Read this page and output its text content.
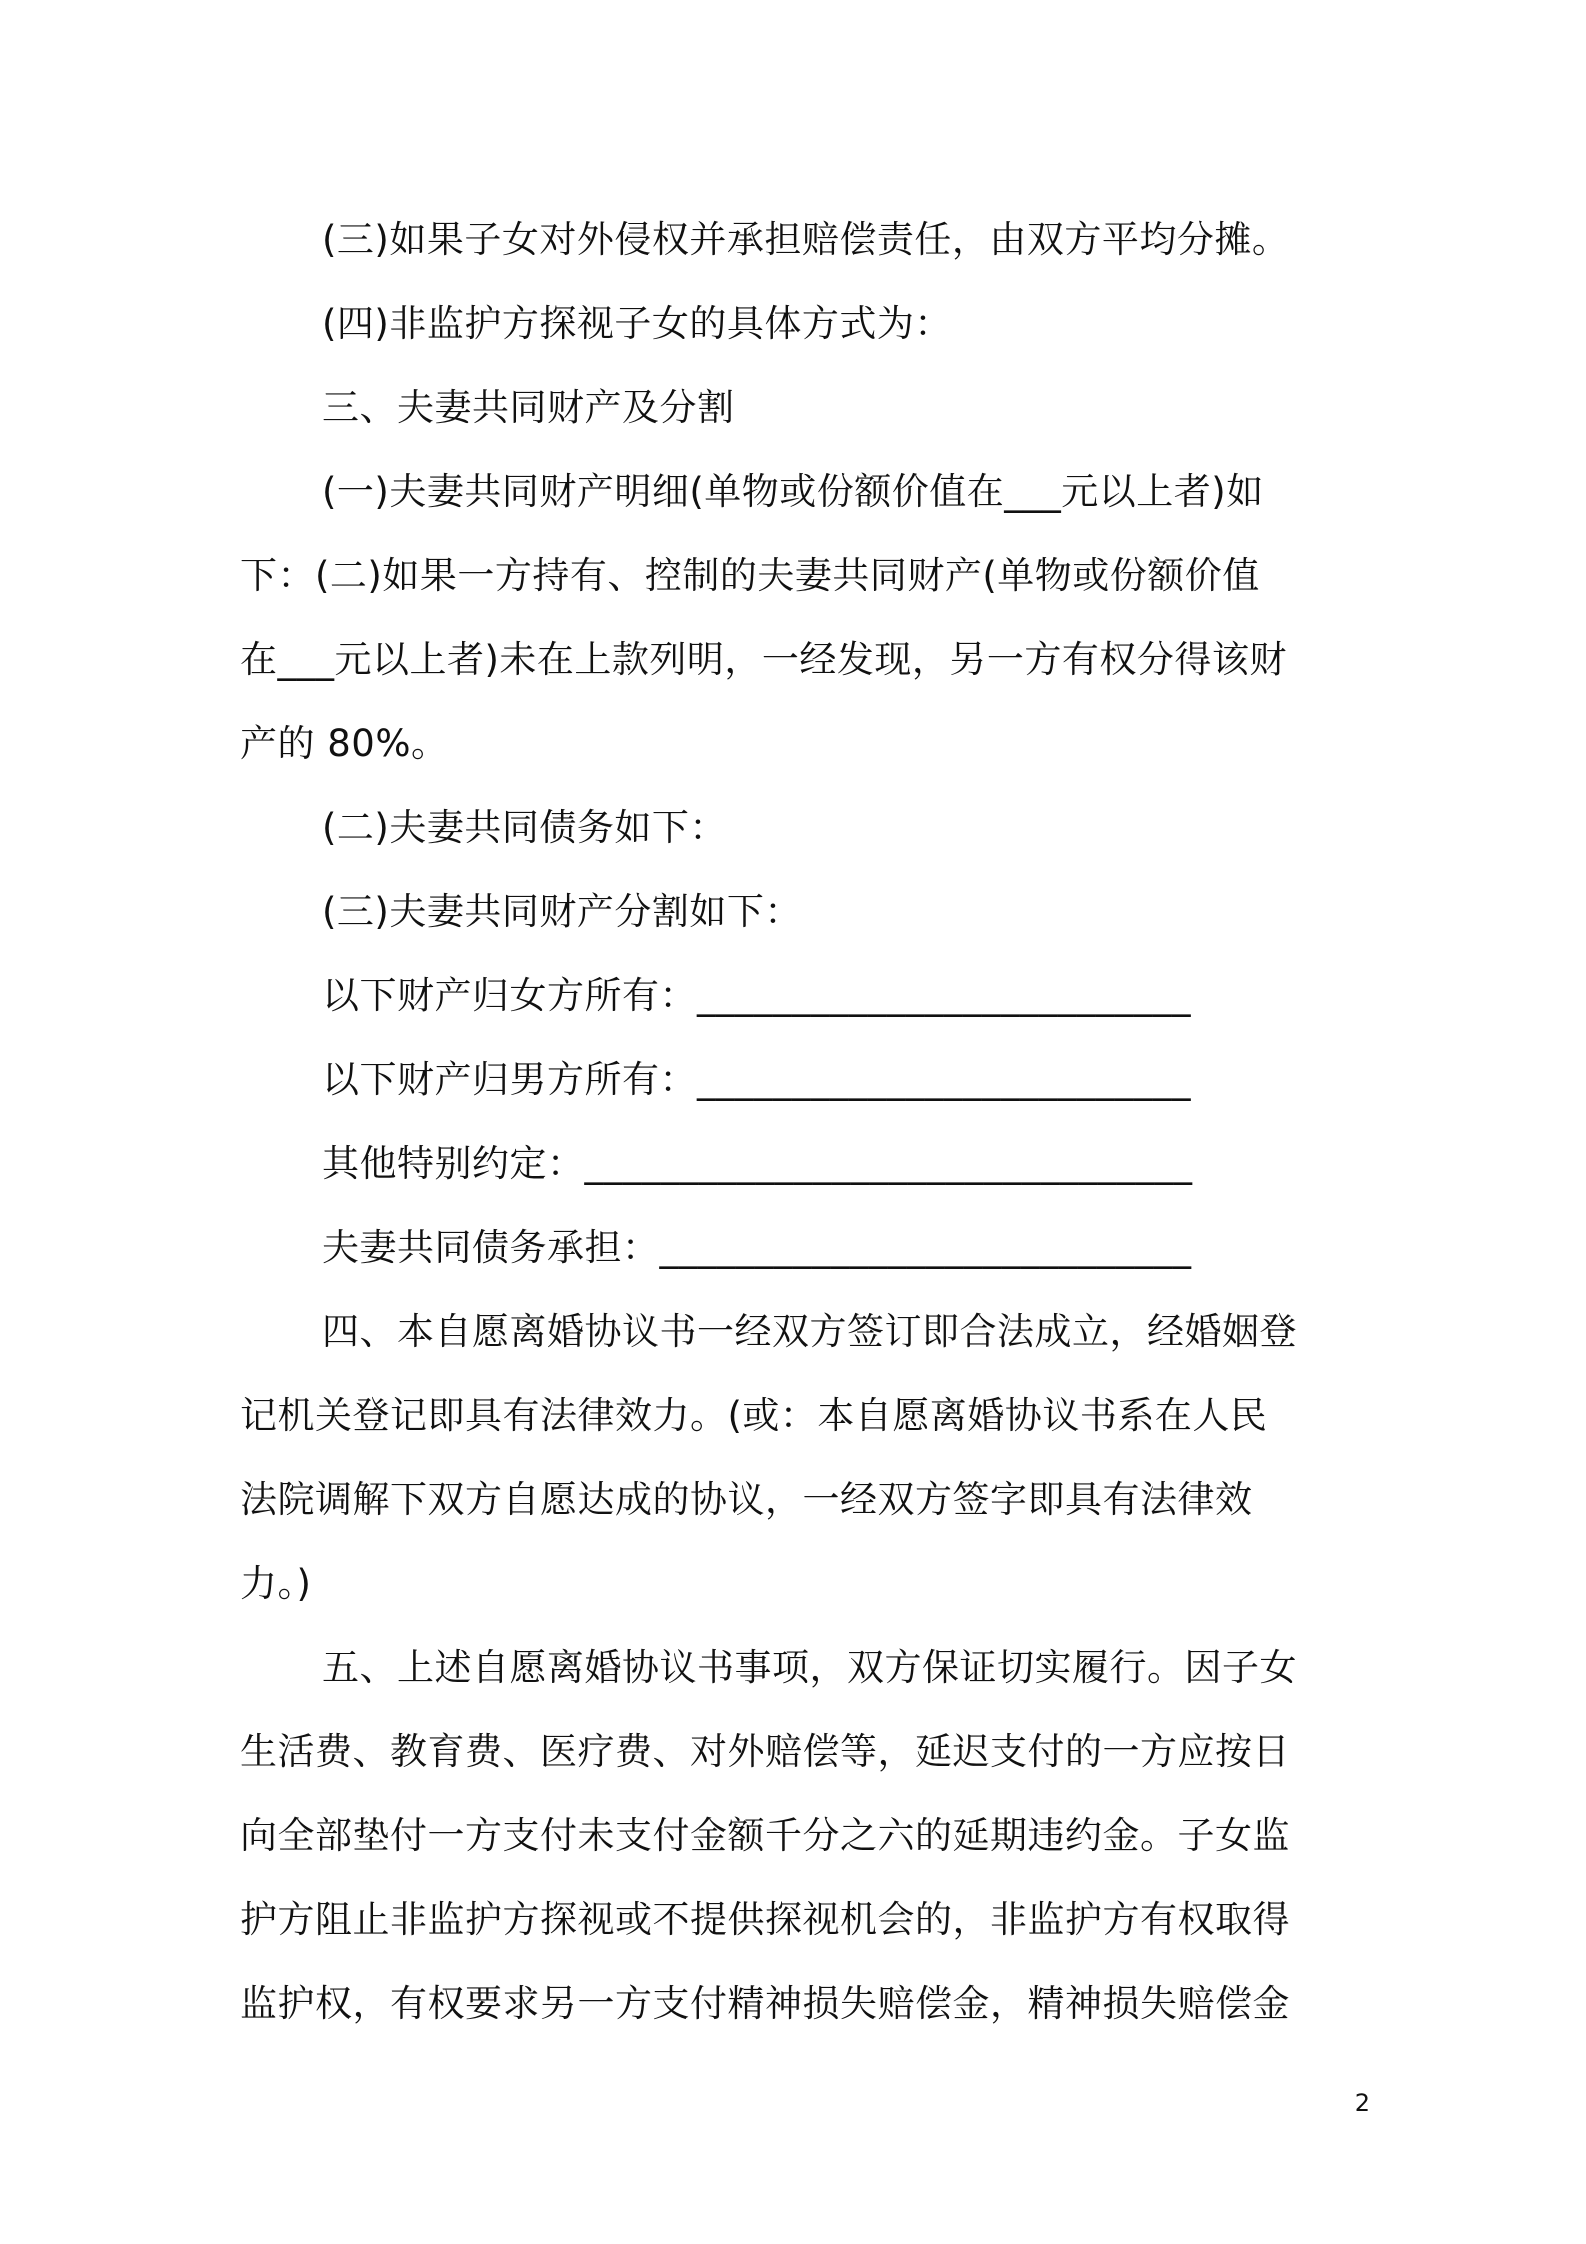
(三)如果子女对外侵权并承担赔偿责任，由双方平均分摊。
(四)非监护方探视子女的具体方式为：
三、夫妻共同财产及分割
(一)夫妻共同财产明细(单物或份额价值在___元以上者)如
下：(二)如果一方持有、控制的夫妻共同财产(单物或份额价值
在___元以上者)未在上款列明，一经发现，另一方有权分得该财
产的 80%。
(二)夫妻共同债务如下：
(三)夫妻共同财产分割如下：
以下财产归女方所有：__________________________
以下财产归男方所有：__________________________
其他特别约定：________________________________
夫妻共同债务承担：____________________________
四、本自愿离婚协议书一经双方签订即合法成立，经婚姻登
记机关登记即具有法律效力。(或：本自愿离婚协议书系在人民
法院调解下双方自愿达成的协议，一经双方签字即具有法律效
力。)
五、上述自愿离婚协议书事项，双方保证切实履行。因子女
生活费、教育费、医疗费、对外赔偿等，延迟支付的一方应按日
向全部垫付一方支付未支付金额千分之六的延期违约金。子女监
护方阻止非监护方探视或不提供探视机会的，非监护方有权取得
监护权，有权要求另一方支付精神损失赔偿金，精神损失赔偿金
2
